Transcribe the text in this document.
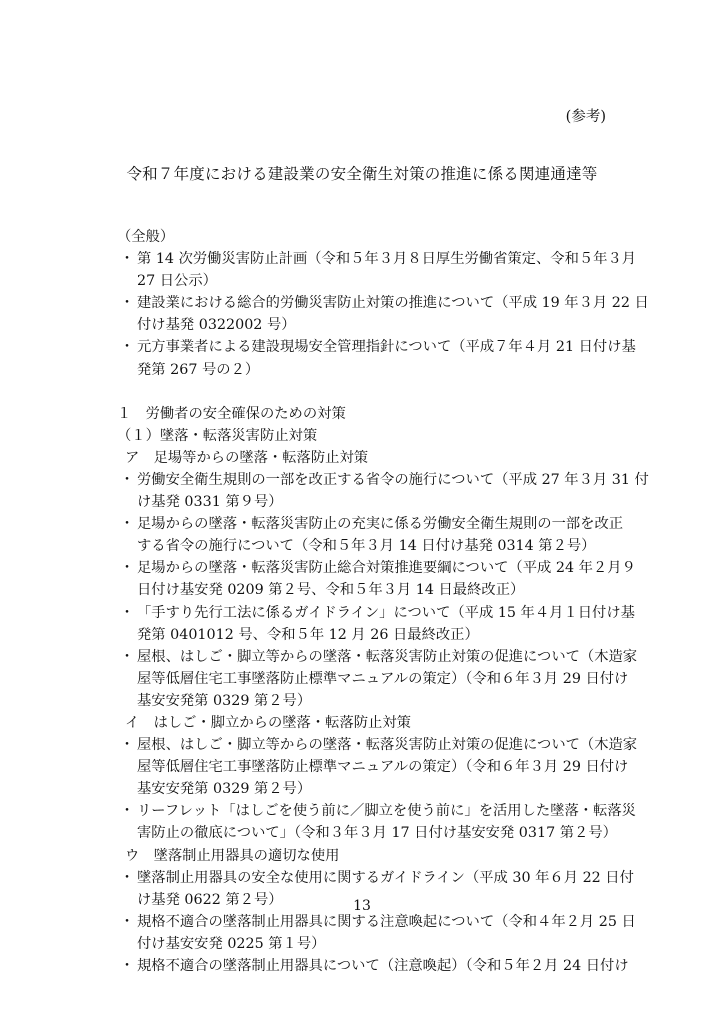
(参考)
令和７年度における建設業の安全衛生対策の推進に係る関連通達等
（全般）
・ 第 14 次労働災害防止計画（令和５年３月８日厚生労働省策定、令和５年３月
27 日公示）
・ 建設業における総合的労働災害防止対策の推進について（平成 19 年３月 22 日
付け基発 0322002 号）
・ 元方事業者による建設現場安全管理指針について（平成７年４月 21 日付け基
発第 267 号の２）
１　労働者の安全確保のための対策
（１）墜落・転落災害防止対策
ア　足場等からの墜落・転落防止対策
・ 労働安全衛生規則の一部を改正する省令の施行について（平成 27 年３月 31 付
け基発 0331 第９号）
・ 足場からの墜落・転落災害防止の充実に係る労働安全衛生規則の一部を改正
する省令の施行について（令和５年３月 14 日付け基発 0314 第２号）
・ 足場からの墜落・転落災害防止総合対策推進要綱について（平成 24 年２月９
日付け基安発 0209 第２号、令和５年３月 14 日最終改正）
・ 「手すり先行工法に係るガイドライン」について（平成 15 年４月１日付け基
発第 0401012 号、令和５年 12 月 26 日最終改正）
・ 屋根、はしご・脚立等からの墜落・転落災害防止対策の促進について（木造家
屋等低層住宅工事墜落防止標準マニュアルの策定）（令和６年３月 29 日付け
基安安発第 0329 第２号）
イ　はしご・脚立からの墜落・転落防止対策
・ 屋根、はしご・脚立等からの墜落・転落災害防止対策の促進について（木造家
屋等低層住宅工事墜落防止標準マニュアルの策定）（令和６年３月 29 日付け
基安安発第 0329 第２号）
・ リーフレット「はしごを使う前に／脚立を使う前に」を活用した墜落・転落災
害防止の徹底について」（令和３年３月 17 日付け基安安発 0317 第２号）
ウ　墜落制止用器具の適切な使用
・ 墜落制止用器具の安全な使用に関するガイドライン（平成 30 年６月 22 日付
け基発 0622 第２号）
・ 規格不適合の墜落制止用器具に関する注意喚起について（令和４年２月 25 日
付け基安安発 0225 第１号）
・ 規格不適合の墜落制止用器具について（注意喚起）（令和５年２月 24 日付け
13
